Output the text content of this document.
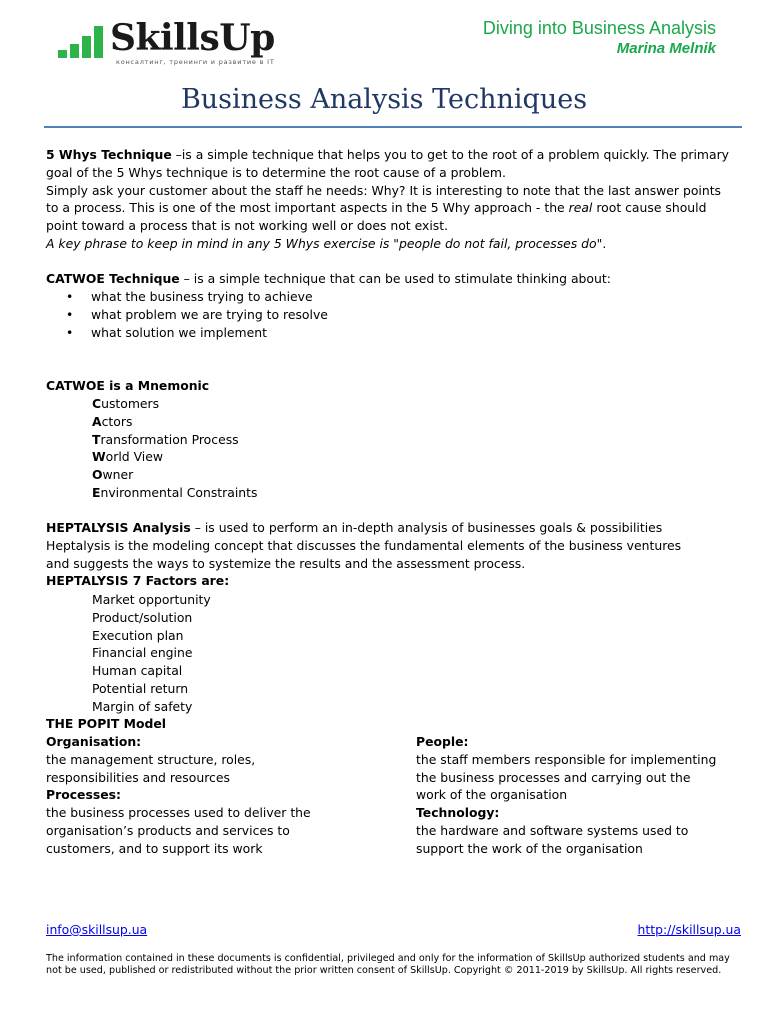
SkillsUp
консалтинг, тренинги и развитие в IT
Diving into Business Analysis
Marina Melnik
Business Analysis Techniques
5 Whys Technique –is a simple technique that helps you to get to the root of a problem quickly. The primary
goal of the 5 Whys technique is to determine the root cause of a problem.
Simply ask your customer about the staff he needs: Why? It is interesting to note that the last answer points
to a process. This is one of the most important aspects in the 5 Why approach - the real root cause should
point toward a process that is not working well or does not exist.
A key phrase to keep in mind in any 5 Whys exercise is "people do not fail, processes do".
CATWOE Technique – is a simple technique that can be used to stimulate thinking about:
•	what the business trying to achieve
•	what problem we are trying to resolve
•	what solution we implement
CATWOE is a Mnemonic
Customers
Actors
Transformation Process
World View
Owner
Environmental Constraints
HEPTALYSIS Analysis – is used to perform an in-depth analysis of businesses goals & possibilities
Heptalysis is the modeling concept that discusses the fundamental elements of the business ventures
and suggests the ways to systemize the results and the assessment process.
HEPTALYSIS 7 Factors are:
Market opportunity
Product/solution
Execution plan
Financial engine
Human capital
Potential return
Margin of safety
THE POPIT Model
Organisation:
the management structure, roles,
responsibilities and resources
Processes:
the business processes used to deliver the
organisation’s products and services to
customers, and to support its work
People:
the staff members responsible for implementing
the business processes and carrying out the
work of the organisation
Technology:
the hardware and software systems used to
support the work of the organisation
info@skillsup.ua	http://skillsup.ua
The information contained in these documents is confidential, privileged and only for the information of SkillsUp authorized students and may not be used, published or redistributed without the prior written consent of SkillsUp. Copyright © 2011-2019 by SkillsUp. All rights reserved.
